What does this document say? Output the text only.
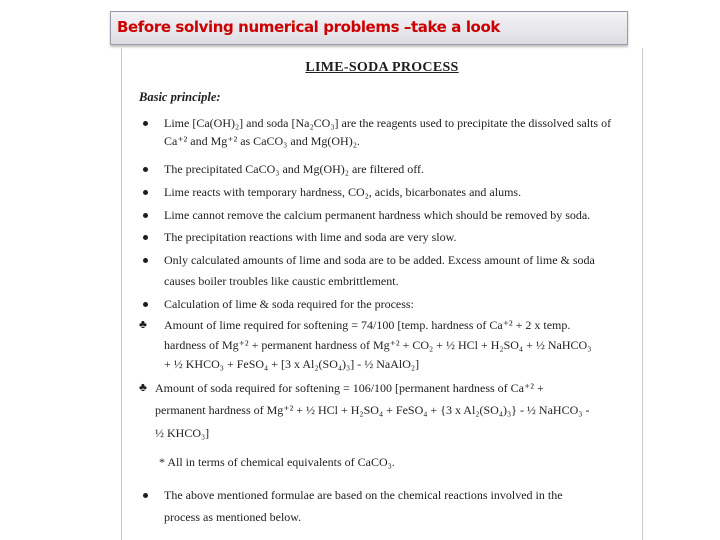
Before solving numerical problems –take a look
LIME-SODA PROCESS
Basic principle:
Lime [Ca(OH)₂] and soda [Na₂CO₃] are the reagents used to precipitate the dissolved salts of
Ca⁺² and Mg⁺² as CaCO₃ and Mg(OH)₂.
The precipitated CaCO₃ and Mg(OH)₂ are filtered off.
Lime reacts with temporary hardness, CO₂, acids, bicarbonates and alums.
Lime cannot remove the calcium permanent hardness which should be removed by soda.
The precipitation reactions with lime and soda are very slow.
Only calculated amounts of lime and soda are to be added. Excess amount of lime & soda
causes boiler troubles like caustic embrittlement.
Calculation of lime & soda required for the process:
♣ Amount of lime required for softening = 74/100 [temp. hardness of Ca⁺² + 2 x temp.
hardness of Mg⁺² + permanent hardness of Mg⁺² + CO₂ + ½ HCl + H₂SO₄ + ½ NaHCO₃
+ ½ KHCO₃ + FeSO₄ + [3 x Al₂(SO₄)₃] - ½ NaAlO₂]
♣ Amount of soda required for softening = 106/100 [permanent hardness of Ca⁺² +
permanent hardness of Mg⁺² + ½ HCl + H₂SO₄ + FeSO₄ + {3 x Al₂(SO₄)₃} - ½ NaHCO₃ -
½ KHCO₃]
* All in terms of chemical equivalents of CaCO₃.
The above mentioned formulae are based on the chemical reactions involved in the
process as mentioned below.
